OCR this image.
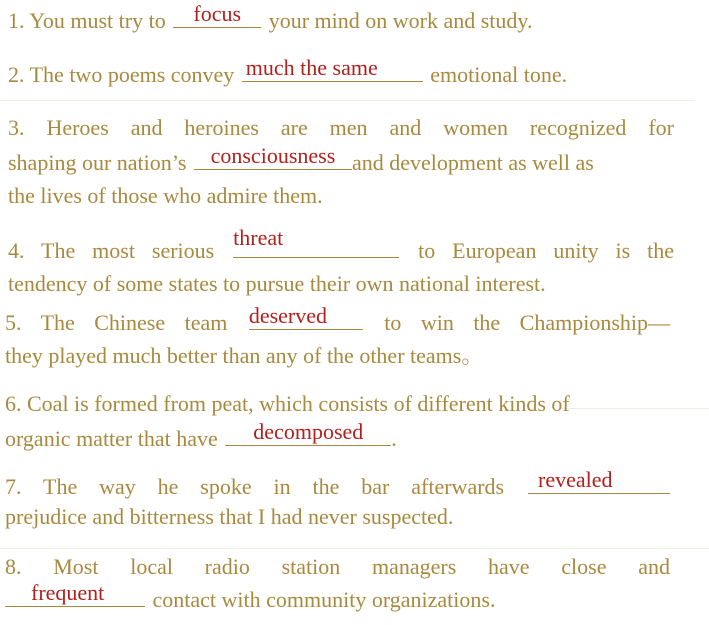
1. You must try to	focus	your mind on work and study.
2. The two poems convey much the same	emotional tone.
3. Heroes and heroines are men and women recognized for
shaping our nation’s	consciousness and development as well as
the lives of those who admire them.
4. The most serious
threat
to European unity is the
tendency of some states to pursue their own national interest.
5. The Chinese team deserved	to win the Championship—
they played much better than any of the other teams。
6. Coal is formed from peat, which consists of different kinds of
organic matter that have	decomposed	.
7. The way he spoke in the bar afterwards revealed
prejudice and bitterness that I had never suspected.
8. Most local radio station managers have close and
frequent	contact with community organizations.
